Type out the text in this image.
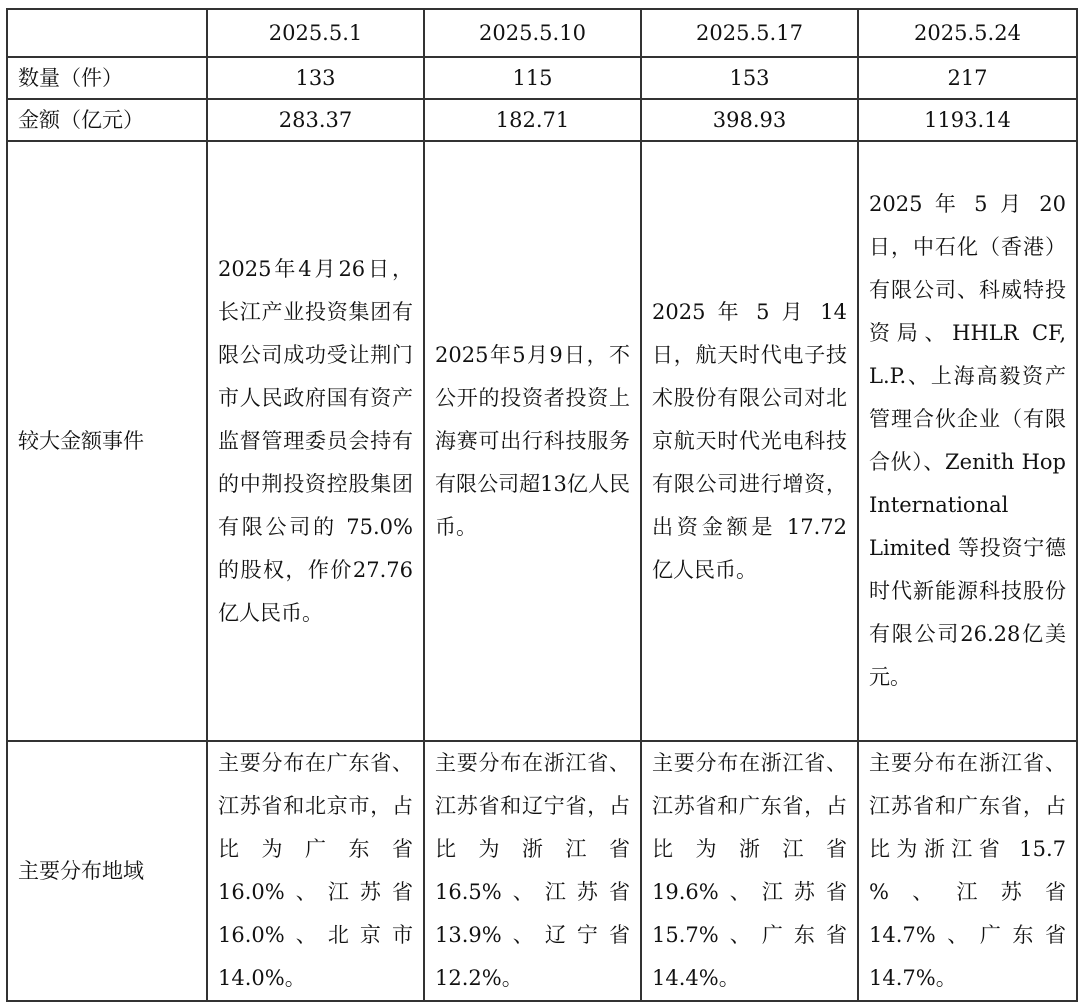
	2025.5.1	2025.5.10	2025.5.17	2025.5.24
数量（件）	133	115	153	217
金额（亿元）	283.37	182.71	398.93	1193.14
较大金额事件	2025年4月26日，长江产业投资集团有限公司成功受让荆门市人民政府国有资产监督管理委员会持有的中荆投资控股集团有限公司的 75.0%的股权，作价27.76亿人民币。	2025年5月9日，不公开的投资者投资上海赛可出行科技服务有限公司超13亿人民币。	2025 年 5 月 14 日，航天时代电子技术股份有限公司对北京航天时代光电科技有限公司进行增资，出资金额是 17.72 亿人民币。	2025 年 5 月 20 日，中石化（香港）有限公司、科威特投资局、HHLR CF, L.P.、上海高毅资产管理合伙企业（有限合伙）、Zenith Hop International Limited 等投资宁德时代新能源科技股份有限公司26.28亿美元。
主要分布地域	主要分布在广东省、江苏省和北京市，占比为广东省 16.0%、江苏省 16.0%、北京市 14.0%。	主要分布在浙江省、江苏省和辽宁省，占比为浙江省 16.5%、江苏省 13.9%、辽宁省 12.2%。	主要分布在浙江省、江苏省和广东省，占比为浙江省 19.6%、江苏省 15.7%、广东省 14.4%。	主要分布在浙江省、江苏省和广东省，占比为浙江省 15.7 %、江苏省 14.7%、广东省 14.7%。
